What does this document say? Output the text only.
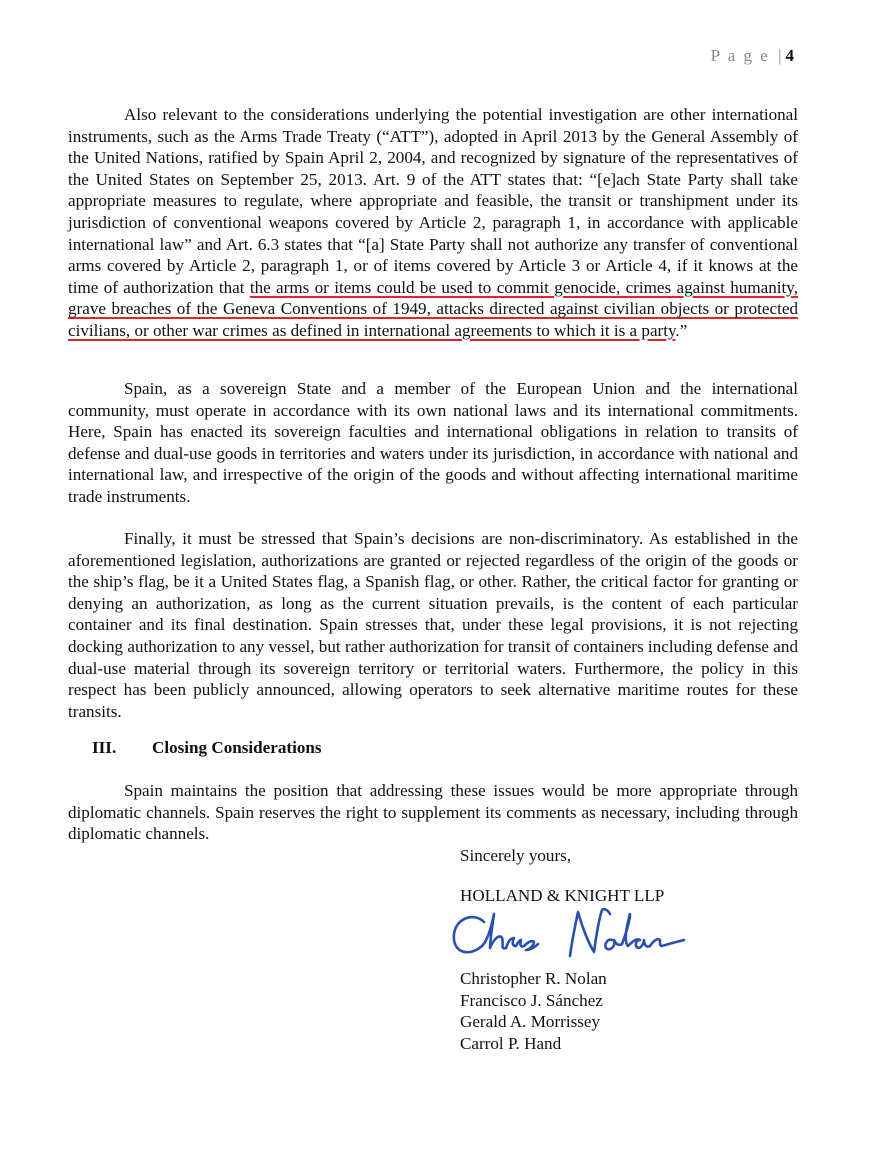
P a g e | 4

Also relevant to the considerations underlying the potential investigation are other international instruments, such as the Arms Trade Treaty (“ATT”), adopted in April 2013 by the General Assembly of the United Nations, ratified by Spain April 2, 2004, and recognized by signature of the representatives of the United States on September 25, 2013. Art. 9 of the ATT states that: “[e]ach State Party shall take appropriate measures to regulate, where appropriate and feasible, the transit or transhipment under its jurisdiction of conventional weapons covered by Article 2, paragraph 1, in accordance with applicable international law” and Art. 6.3 states that “[a] State Party shall not authorize any transfer of conventional arms covered by Article 2, paragraph 1, or of items covered by Article 3 or Article 4, if it knows at the time of authorization that the arms or items could be used to commit genocide, crimes against humanity, grave breaches of the Geneva Conventions of 1949, attacks directed against civilian objects or protected civilians, or other war crimes as defined in international agreements to which it is a party.”

Spain, as a sovereign State and a member of the European Union and the international community, must operate in accordance with its own national laws and its international commitments. Here, Spain has enacted its sovereign faculties and international obligations in relation to transits of defense and dual-use goods in territories and waters under its jurisdiction, in accordance with national and international law, and irrespective of the origin of the goods and without affecting international maritime trade instruments.

Finally, it must be stressed that Spain’s decisions are non-discriminatory. As established in the aforementioned legislation, authorizations are granted or rejected regardless of the origin of the goods or the ship’s flag, be it a United States flag, a Spanish flag, or other. Rather, the critical factor for granting or denying an authorization, as long as the current situation prevails, is the content of each particular container and its final destination. Spain stresses that, under these legal provisions, it is not rejecting docking authorization to any vessel, but rather authorization for transit of containers including defense and dual-use material through its sovereign territory or territorial waters. Furthermore, the policy in this respect has been publicly announced, allowing operators to seek alternative maritime routes for these transits.

III. Closing Considerations

Spain maintains the position that addressing these issues would be more appropriate through diplomatic channels. Spain reserves the right to supplement its comments as necessary, including through diplomatic channels.

Sincerely yours,
HOLLAND & KNIGHT LLP
Christopher R. Nolan
Francisco J. Sánchez
Gerald A. Morrissey
Carrol P. Hand
